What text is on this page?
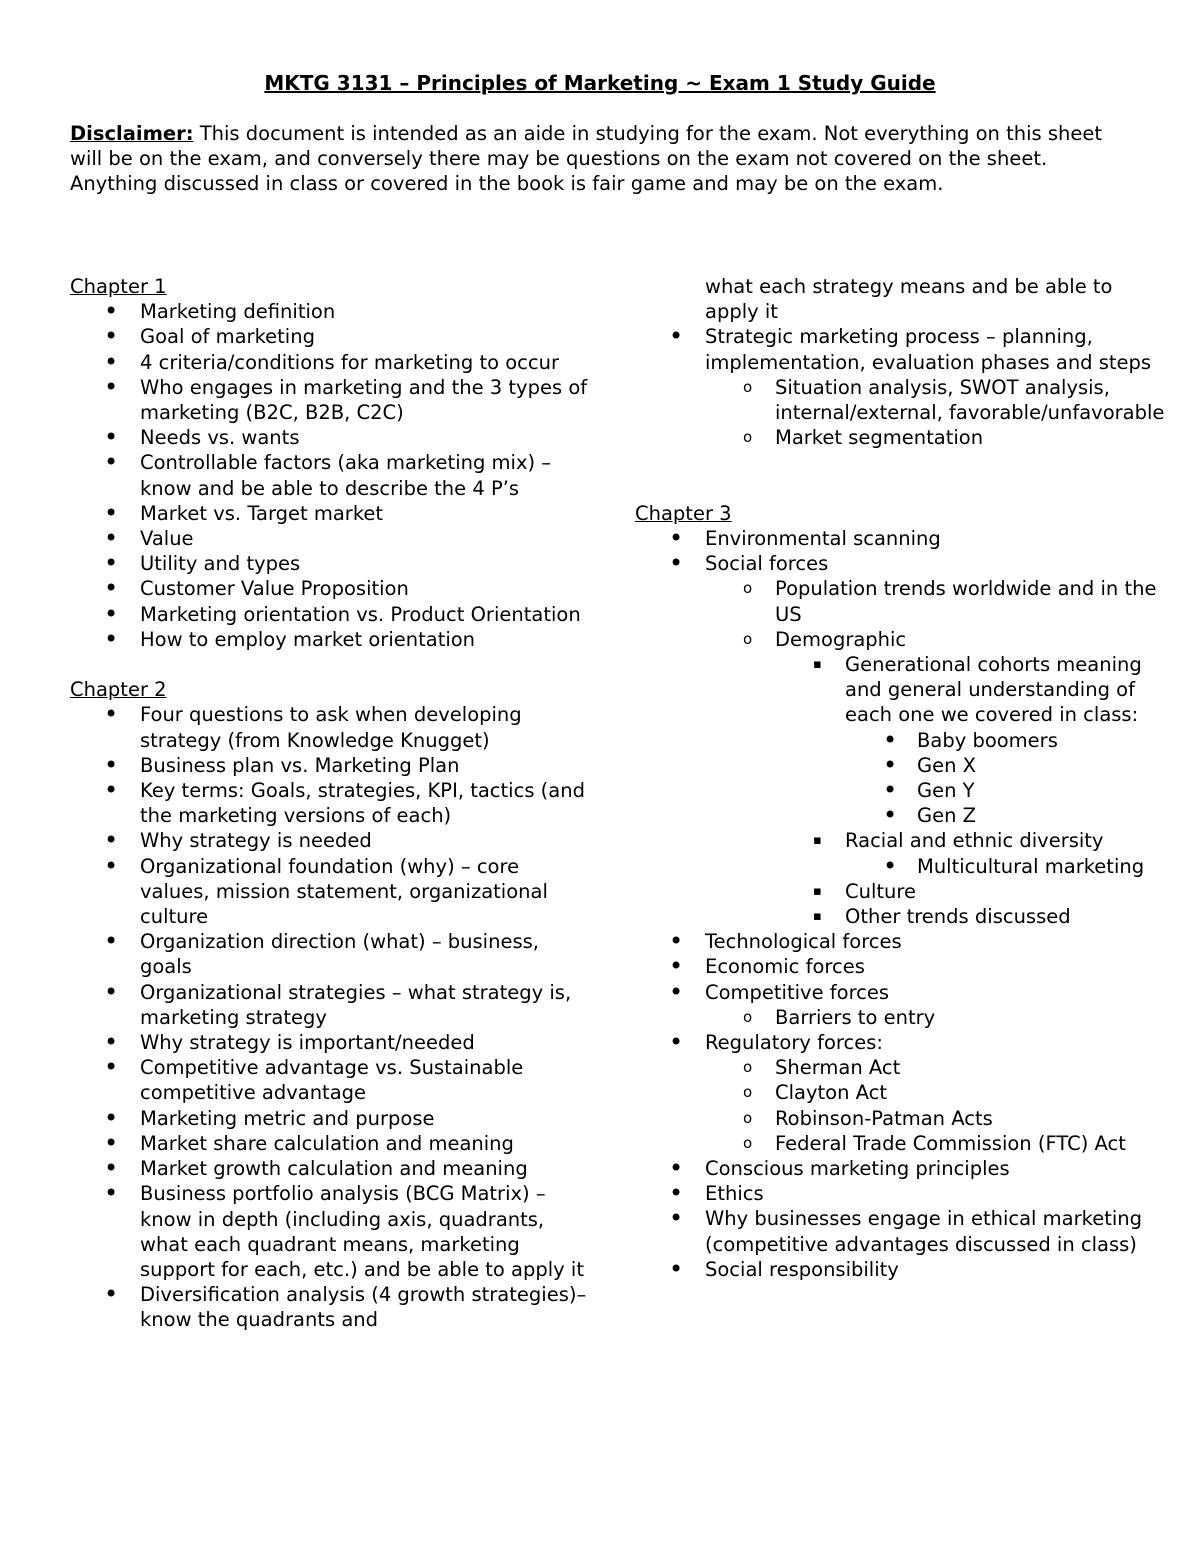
MKTG 3131 – Principles of Marketing ~ Exam 1 Study Guide
Disclaimer: This document is intended as an aide in studying for the exam. Not everything on this sheet will be on the exam, and conversely there may be questions on the exam not covered on the sheet. Anything discussed in class or covered in the book is fair game and may be on the exam.
Chapter 1
•
Marketing definition
•
Goal of marketing
•
4 criteria/conditions for marketing to occur
•
Who engages in marketing and the 3 types of marketing (B2C, B2B, C2C)
•
Needs vs. wants
•
Controllable factors (aka marketing mix) – know and be able to describe the 4 P’s
•
Market vs. Target market
•
Value
•
Utility and types
•
Customer Value Proposition
•
Marketing orientation vs. Product Orientation
•
How to employ market orientation
Chapter 2
•
Four questions to ask when developing strategy (from Knowledge Knugget)
•
Business plan vs. Marketing Plan
•
Key terms: Goals, strategies, KPI, tactics (and the marketing versions of each)
•
Why strategy is needed
•
Organizational foundation (why) – core values, mission statement, organizational culture
•
Organization direction (what) – business, goals
•
Organizational strategies – what strategy is, marketing strategy
•
Why strategy is important/needed
•
Competitive advantage vs. Sustainable competitive advantage
•
Marketing metric and purpose
•
Market share calculation and meaning
•
Market growth calculation and meaning
•
Business portfolio analysis (BCG Matrix) – know in depth (including axis, quadrants, what each quadrant means, marketing support for each, etc.) and be able to apply it
•
Diversification analysis (4 growth strategies)– know the quadrants and
what each strategy means and be able to apply it
•
Strategic marketing process – planning, implementation, evaluation phases and steps
o
Situation analysis, SWOT analysis, internal/external, favorable/unfavorable
o
Market segmentation
Chapter 3
•
Environmental scanning
•
Social forces
o
Population trends worldwide and in the US
o
Demographic
▪
Generational cohorts meaning and general understanding of each one we covered in class:
•
Baby boomers
•
Gen X
•
Gen Y
•
Gen Z
▪
Racial and ethnic diversity
•
Multicultural marketing
▪
Culture
▪
Other trends discussed
•
Technological forces
•
Economic forces
•
Competitive forces
o
Barriers to entry
•
Regulatory forces:
o
Sherman Act
o
Clayton Act
o
Robinson-Patman Acts
o
Federal Trade Commission (FTC) Act
•
Conscious marketing principles
•
Ethics
•
Why businesses engage in ethical marketing (competitive advantages discussed in class)
•
Social responsibility
